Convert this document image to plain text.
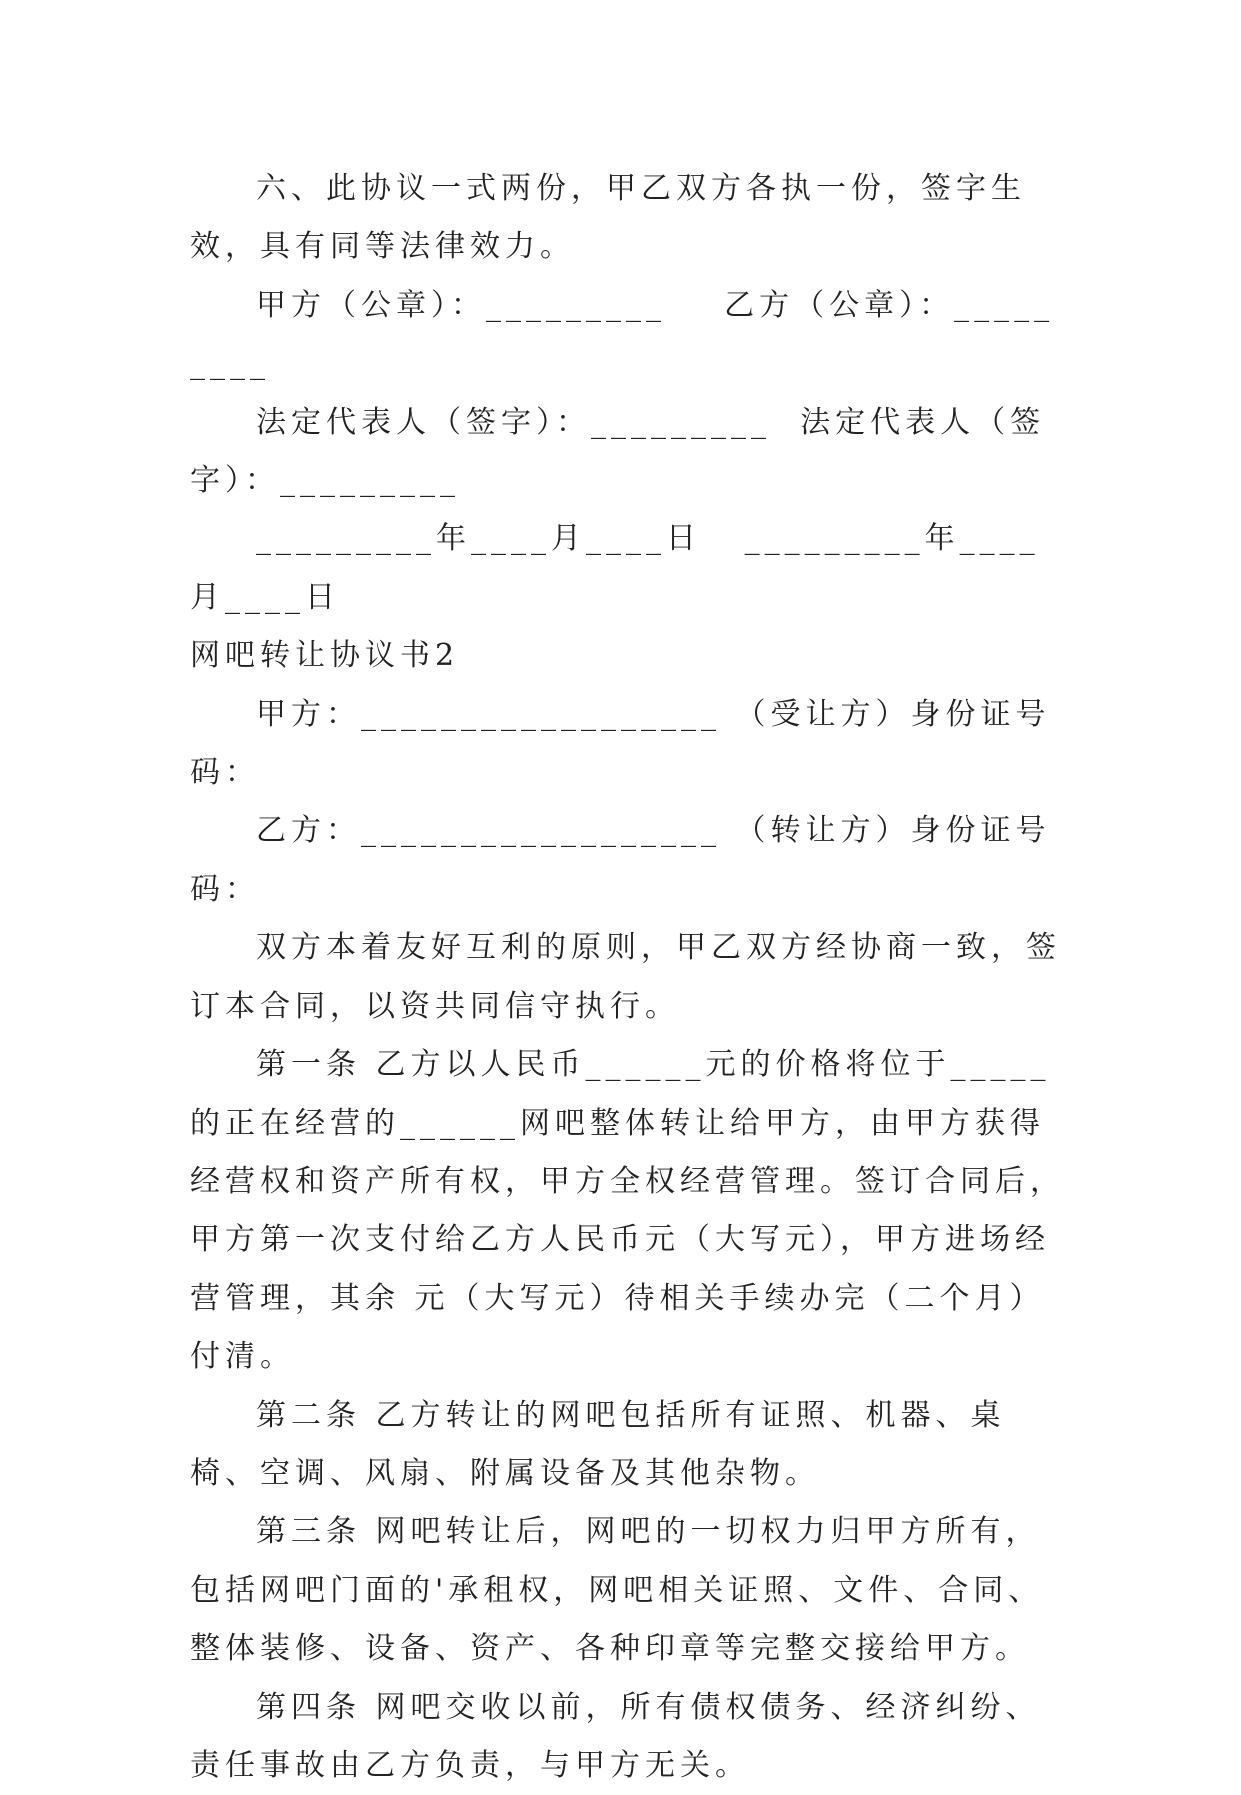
六、此协议一式两份，甲乙双方各执一份，签字生效，具有同等法律效力。

甲方（公章）：_________    乙方（公章）：_________

法定代表人（签字）：_________  法定代表人（签字）：_________

_________年____月____日   _________年____月____日

网吧转让协议书2

甲方：__________________ （受让方）身份证号码：

乙方：__________________ （转让方）身份证号码：

双方本着友好互利的原则，甲乙双方经协商一致，签订本合同，以资共同信守执行。

第一条 乙方以人民币______元的价格将位于_____ 的正在经营的______网吧整体转让给甲方，由甲方获得经营权和资产所有权，甲方全权经营管理。签订合同后，甲方第一次支付给乙方人民币元（大写元），甲方进场经营管理，其余 元（大写元）待相关手续办完（二个月）付清。

第二条 乙方转让的网吧包括所有证照、机器、桌椅、空调、风扇、附属设备及其他杂物。

第三条 网吧转让后，网吧的一切权力归甲方所有，包括网吧门面的'承租权，网吧相关证照、文件、合同、整体装修、设备、资产、各种印章等完整交接给甲方。

第四条 网吧交收以前，所有债权债务、经济纠纷、责任事故由乙方负责，与甲方无关。
